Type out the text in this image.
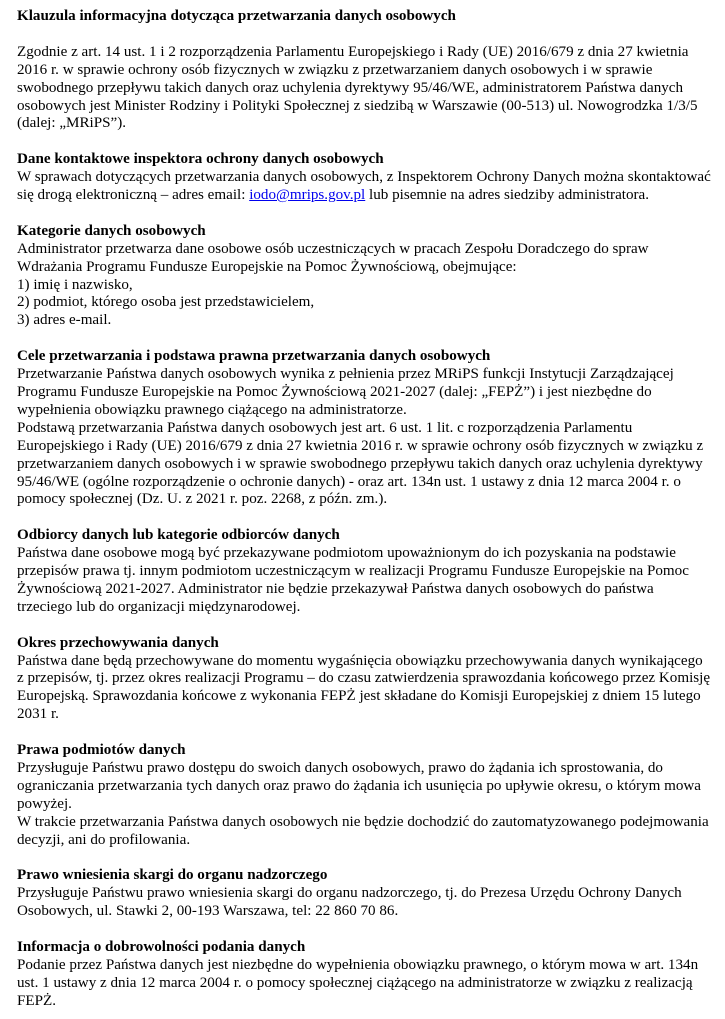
Klauzula informacyjna dotycząca przetwarzania danych osobowych

Zgodnie z art. 14 ust. 1 i 2 rozporządzenia Parlamentu Europejskiego i Rady (UE) 2016/679 z dnia 27 kwietnia 2016 r. w sprawie ochrony osób fizycznych w związku z przetwarzaniem danych osobowych i w sprawie swobodnego przepływu takich danych oraz uchylenia dyrektywy 95/46/WE, administratorem Państwa danych osobowych jest Minister Rodziny i Polityki Społecznej z siedzibą w Warszawie (00-513) ul. Nowogrodzka 1/3/5 (dalej: „MRiPS”).

Dane kontaktowe inspektora ochrony danych osobowych

W sprawach dotyczących przetwarzania danych osobowych, z Inspektorem Ochrony Danych można skontaktować się drogą elektroniczną – adres email: iodo@mrips.gov.pl lub pisemnie na adres siedziby administratora.

Kategorie danych osobowych

Administrator przetwarza dane osobowe osób uczestniczących w pracach Zespołu Doradczego do spraw Wdrażania Programu Fundusze Europejskie na Pomoc Żywnościową, obejmujące:

1) imię i nazwisko,

2) podmiot, którego osoba jest przedstawicielem,

3) adres e-mail.

Cele przetwarzania i podstawa prawna przetwarzania danych osobowych

Przetwarzanie Państwa danych osobowych wynika z pełnienia przez MRiPS funkcji Instytucji Zarządzającej Programu Fundusze Europejskie na Pomoc Żywnościową 2021-2027 (dalej: „FEPŻ”) i jest niezbędne do wypełnienia obowiązku prawnego ciążącego na administratorze.

Podstawą przetwarzania Państwa danych osobowych jest art. 6 ust. 1 lit. c rozporządzenia Parlamentu Europejskiego i Rady (UE) 2016/679 z dnia 27 kwietnia 2016 r. w sprawie ochrony osób fizycznych w związku z przetwarzaniem danych osobowych i w sprawie swobodnego przepływu takich danych oraz uchylenia dyrektywy 95/46/WE (ogólne rozporządzenie o ochronie danych) - oraz art. 134n ust. 1 ustawy z dnia 12 marca 2004 r. o pomocy społecznej (Dz. U. z 2021 r. poz. 2268, z późn. zm.).

Odbiorcy danych lub kategorie odbiorców danych

Państwa dane osobowe mogą być przekazywane podmiotom upoważnionym do ich pozyskania na podstawie przepisów prawa tj. innym podmiotom uczestniczącym w realizacji Programu Fundusze Europejskie na Pomoc Żywnościową 2021-2027. Administrator nie będzie przekazywał Państwa danych osobowych do państwa trzeciego lub do organizacji międzynarodowej.

Okres przechowywania danych

Państwa dane będą przechowywane do momentu wygaśnięcia obowiązku przechowywania danych wynikającego z przepisów, tj. przez okres realizacji Programu – do czasu zatwierdzenia sprawozdania końcowego przez Komisję Europejską. Sprawozdania końcowe z wykonania FEPŻ jest składane do Komisji Europejskiej z dniem 15 lutego 2031 r.

Prawa podmiotów danych

Przysługuje Państwu prawo dostępu do swoich danych osobowych, prawo do żądania ich sprostowania, do ograniczania przetwarzania tych danych oraz prawo do żądania ich usunięcia po upływie okresu, o którym mowa powyżej.

W trakcie przetwarzania Państwa danych osobowych nie będzie dochodzić do zautomatyzowanego podejmowania decyzji, ani do profilowania.

Prawo wniesienia skargi do organu nadzorczego

Przysługuje Państwu prawo wniesienia skargi do organu nadzorczego, tj. do Prezesa Urzędu Ochrony Danych Osobowych, ul. Stawki 2, 00-193 Warszawa, tel: 22 860 70 86.

Informacja o dobrowolności podania danych

Podanie przez Państwa danych jest niezbędne do wypełnienia obowiązku prawnego, o którym mowa w art. 134n ust. 1 ustawy z dnia 12 marca 2004 r. o pomocy społecznej ciążącego na administratorze w związku z realizacją FEPŻ.
